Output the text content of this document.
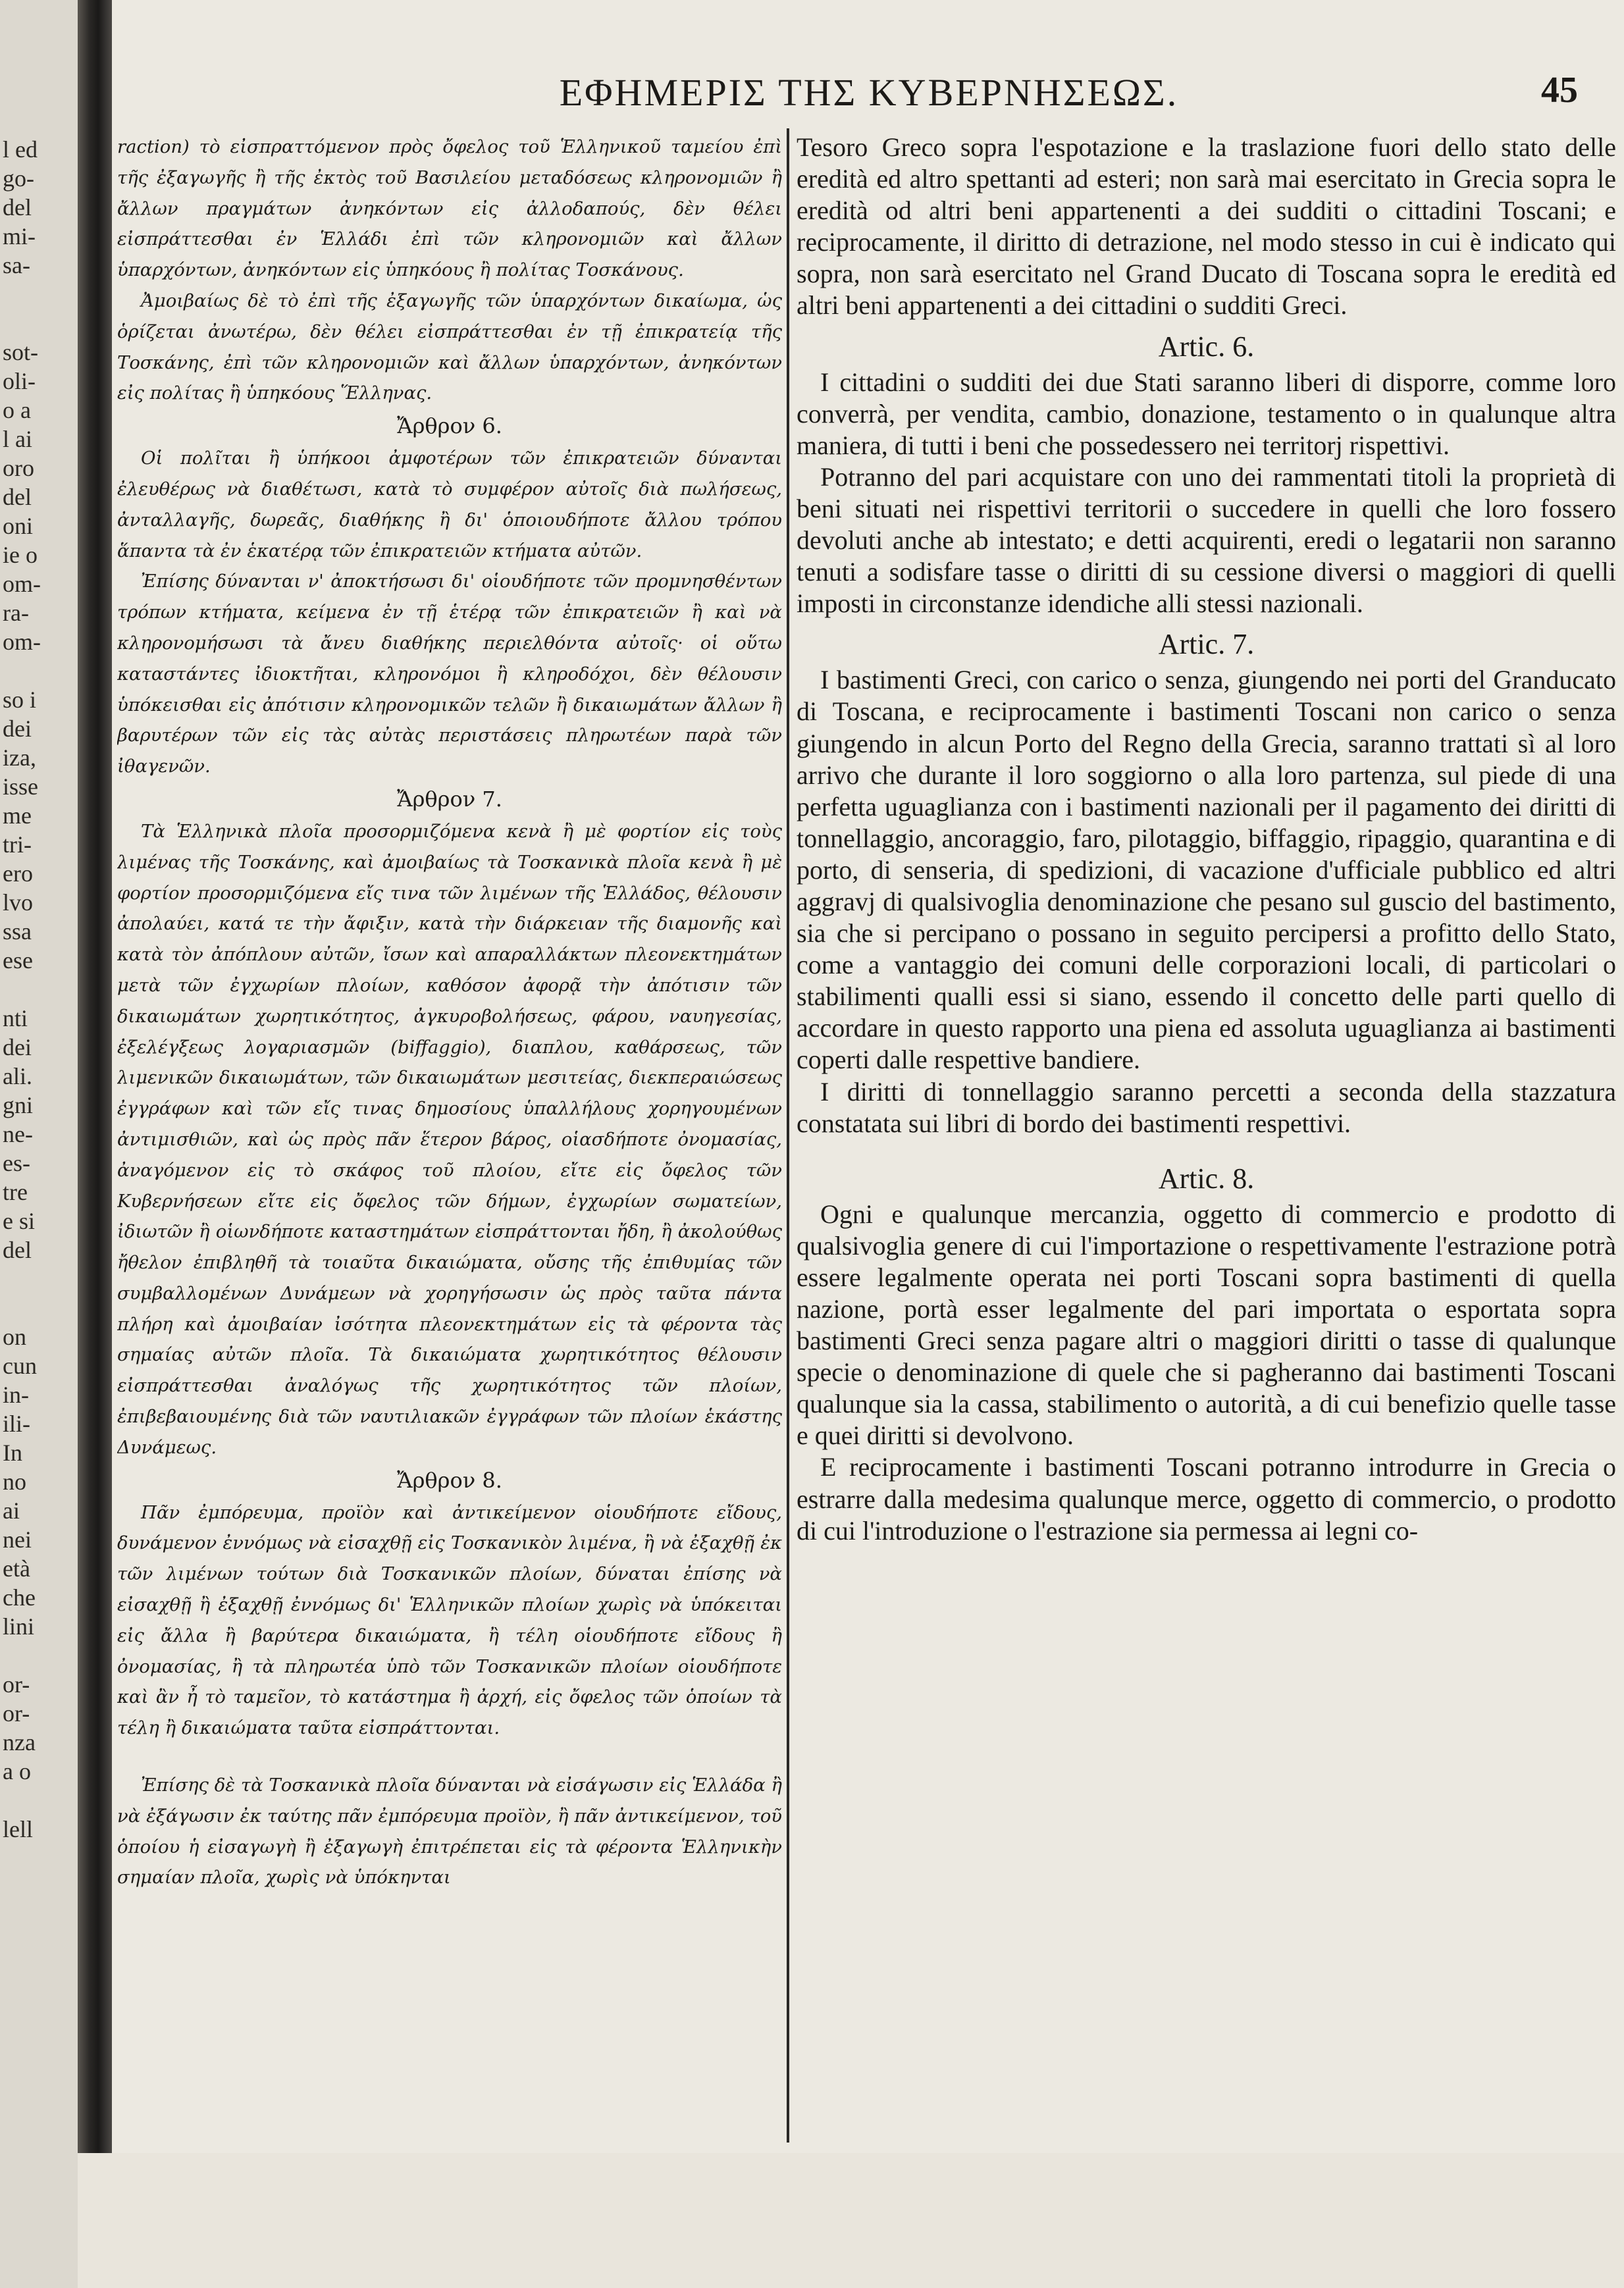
l ed
go-
del
mi-
sa-

sot-
oli-
o a
l ai
oro
del
oni
ie o
om-
ra-
om-

so i
dei
iza,
isse
me
tri-
ero
lvo
ssa
ese

nti
dei
ali.
gni
ne-
es-
tre
e si
del

on
cun
in-
ili-
In
no
ai
nei
età
che
lini

or-
or-
nza
a o

lell
ΕΦΗΜΕΡΙΣ ΤΗΣ ΚΥΒΕΡΝΗΣΕΩΣ.	45

raction) τὸ εἰσπραττόμενον πρὸς ὄφελος τοῦ Ἑλληνικοῦ ταμείου ἐπὶ τῆς ἐξαγωγῆς ἢ τῆς ἐκτὸς τοῦ Βασιλείου μεταδόσεως κληρονομιῶν ἢ ἄλλων πραγμάτων ἀνηκόντων εἰς ἀλλοδαπούς, δὲν θέλει εἰσπράττεσθαι ἐν Ἑλλάδι ἐπὶ τῶν κληρονομιῶν καὶ ἄλλων ὑπαρχόντων, ἀνηκόντων εἰς ὑπηκόους ἢ πολίτας Τοσκάνους.

Ἀμοιβαίως δὲ τὸ ἐπὶ τῆς ἐξαγωγῆς τῶν ὑπαρχόντων δικαίωμα, ὡς ὁρίζεται ἀνωτέρω, δὲν θέλει εἰσπράττεσθαι ἐν τῇ ἐπικρατείᾳ τῆς Τοσκάνης, ἐπὶ τῶν κληρονομιῶν καὶ ἄλλων ὑπαρχόντων, ἀνηκόντων εἰς πολίτας ἢ ὑπηκόους Ἕλληνας.

Ἄρθρον 6.

Οἱ πολῖται ἢ ὑπήκοοι ἀμφοτέρων τῶν ἐπικρατειῶν δύνανται ἐλευθέρως νὰ διαθέτωσι, κατὰ τὸ συμφέρον αὐτοῖς διὰ πωλήσεως, ἀνταλλαγῆς, δωρεᾶς, διαθήκης ἢ δι' ὁποιουδήποτε ἄλλου τρόπου ἅπαντα τὰ ἐν ἑκατέρᾳ τῶν ἐπικρατειῶν κτήματα αὐτῶν.

Ἐπίσης δύνανται ν' ἀποκτήσωσι δι' οἱουδήποτε τῶν προμνησθέντων τρόπων κτήματα, κείμενα ἐν τῇ ἑτέρᾳ τῶν ἐπικρατειῶν ἢ καὶ νὰ κληρονομήσωσι τὰ ἄνευ διαθήκης περιελθόντα αὐτοῖς· οἱ οὕτω καταστάντες ἰδιοκτῆται, κληρονόμοι ἢ κληροδόχοι, δὲν θέλουσιν ὑπόκεισθαι εἰς ἀπότισιν κληρονομικῶν τελῶν ἢ δικαιωμάτων ἄλλων ἢ βαρυτέρων τῶν εἰς τὰς αὐτὰς περιστάσεις πληρωτέων παρὰ τῶν ἰθαγενῶν.

Ἄρθρον 7.

Τὰ Ἑλληνικὰ πλοῖα προσορμιζόμενα κενὰ ἢ μὲ φορτίον εἰς τοὺς λιμένας τῆς Τοσκάνης, καὶ ἀμοιβαίως τὰ Τοσκανικὰ πλοῖα κενὰ ἢ μὲ φορτίον προσορμιζόμενα εἴς τινα τῶν λιμένων τῆς Ἑλλάδος, θέλουσιν ἀπολαύει, κατά τε τὴν ἄφιξιν, κατὰ τὴν διάρκειαν τῆς διαμονῆς καὶ κατὰ τὸν ἀπόπλουν αὐτῶν, ἴσων καὶ απαραλλάκτων πλεονεκτημάτων μετὰ τῶν ἐγχωρίων πλοίων, καθόσον ἀφορᾷ τὴν ἀπότισιν τῶν δικαιωμάτων χωρητικότητος, ἀγκυροβολήσεως, φάρου, ναυηγεσίας, ἐξελέγξεως λογαριασμῶν (biffaggio), διαπλου, καθάρσεως, τῶν λιμενικῶν δικαιωμάτων, τῶν δικαιωμάτων μεσιτείας, διεκπεραιώσεως ἐγγράφων καὶ τῶν εἴς τινας δημοσίους ὑπαλλήλους χορηγουμένων ἀντιμισθιῶν, καὶ ὡς πρὸς πᾶν ἕτερον βάρος, οἱασδήποτε ὀνομασίας, ἀναγόμενον εἰς τὸ σκάφος τοῦ πλοίου, εἴτε εἰς ὄφελος τῶν Κυβερνήσεων εἴτε εἰς ὄφελος τῶν δήμων, ἐγχωρίων σωματείων, ἰδιωτῶν ἢ οἱωνδήποτε καταστημάτων εἰσπράττονται ἤδη, ἢ ἀκολούθως ἤθελον ἐπιβληθῆ τὰ τοιαῦτα δικαιώματα, οὔσης τῆς ἐπιθυμίας τῶν συμβαλλομένων Δυνάμεων νὰ χορηγήσωσιν ὡς πρὸς ταῦτα πάντα πλήρη καὶ ἀμοιβαίαν ἰσότητα πλεονεκτημάτων εἰς τὰ φέροντα τὰς σημαίας αὐτῶν πλοῖα. Τὰ δικαιώματα χωρητικότητος θέλουσιν εἰσπράττεσθαι ἀναλόγως τῆς χωρητικότητος τῶν πλοίων, ἐπιβεβαιουμένης διὰ τῶν ναυτιλιακῶν ἐγγράφων τῶν πλοίων ἑκάστης Δυνάμεως.

Ἄρθρον 8.

Πᾶν ἐμπόρευμα, προϊὸν καὶ ἀντικείμενον οἱουδήποτε εἴδους, δυνάμενον ἐννόμως νὰ εἰσαχθῇ εἰς Τοσκανικὸν λιμένα, ἢ νὰ ἐξαχθῇ ἐκ τῶν λιμένων τούτων διὰ Τοσκανικῶν πλοίων, δύναται ἐπίσης νὰ εἰσαχθῇ ἢ ἐξαχθῇ ἐννόμως δι' Ἑλληνικῶν πλοίων χωρὶς νὰ ὑπόκειται εἰς ἄλλα ἢ βαρύτερα δικαιώματα, ἢ τέλη οἱουδήποτε εἴδους ἢ ὀνομασίας, ἢ τὰ πληρωτέα ὑπὸ τῶν Τοσκανικῶν πλοίων οἱουδήποτε καὶ ἂν ἦ τὸ ταμεῖον, τὸ κατάστημα ἢ ἀρχή, εἰς ὄφελος τῶν ὁποίων τὰ τέλη ἢ δικαιώματα ταῦτα εἰσπράττονται.

Ἐπίσης δὲ τὰ Τοσκανικὰ πλοῖα δύνανται νὰ εἰσάγωσιν εἰς Ἑλλάδα ἢ νὰ ἐξάγωσιν ἐκ ταύτης πᾶν ἐμπόρευμα προϊὸν, ἢ πᾶν ἀντικείμενον, τοῦ ὁποίου ἡ εἰσαγωγὴ ἢ ἐξαγωγὴ ἐπιτρέπεται εἰς τὰ φέροντα Ἑλληνικὴν σημαίαν πλοῖα, χωρὶς νὰ ὑπόκηνται

Tesoro Greco sopra l'espotazione e la traslazione fuori dello stato delle eredità ed altro spettanti ad esteri; non sarà mai esercitato in Grecia sopra le eredità od altri beni appartenenti a dei sudditi o cittadini Toscani; e reciprocamente, il diritto di detrazione, nel modo stesso in cui è indicato qui sopra, non sarà esercitato nel Grand Ducato di Toscana sopra le eredità ed altri beni appartenenti a dei cittadini o sudditi Greci.

Artic. 6.

I cittadini o sudditi dei due Stati saranno liberi di disporre, comme loro converrà, per vendita, cambio, donazione, testamento o in qualunque altra maniera, di tutti i beni che possedessero nei territorj rispettivi.

Potranno del pari acquistare con uno dei rammentati titoli la proprietà di beni situati nei rispettivi territorii o succedere in quelli che loro fossero devoluti anche ab intestato; e detti acquirenti, eredi o legatarii non saranno tenuti a sodisfare tasse o diritti di su cessione diversi o maggiori di quelli imposti in circonstanze idendiche alli stessi nazionali.

Artic. 7.

I bastimenti Greci, con carico o senza, giungendo nei porti del Granducato di Toscana, e reciprocamente i bastimenti Toscani non carico o senza giungendo in alcun Porto del Regno della Grecia, saranno trattati sì al loro arrivo che durante il loro soggiorno o alla loro partenza, sul piede di una perfetta uguaglianza con i bastimenti nazionali per il pagamento dei diritti di tonnellaggio, ancoraggio, faro, pilotaggio, biffaggio, ripaggio, quarantina e di porto, di senseria, di spedizioni, di vacazione d'ufficiale pubblico ed altri aggravj di qualsivoglia denominazione che pesano sul guscio del bastimento, sia che si percipano o possano in seguito percipersi a profitto dello Stato, come a vantaggio dei comuni delle corporazioni locali, di particolari o stabilimenti qualli essi si siano, essendo il concetto delle parti quello di accordare in questo rapporto una piena ed assoluta uguaglianza ai bastimenti coperti dalle respettive bandiere.

I diritti di tonnellaggio saranno percetti a seconda della stazzatura constatata sui libri di bordo dei bastimenti respettivi.

Artic. 8.

Ogni e qualunque mercanzia, oggetto di commercio e prodotto di qualsivoglia genere di cui l'importazione o respettivamente l'estrazione potrà essere legalmente operata nei porti Toscani sopra bastimenti di quella nazione, portà esser legalmente del pari importata o esportata sopra bastimenti Greci senza pagare altri o maggiori diritti o tasse di qualunque specie o denominazione di quele che si pagheranno dai bastimenti Toscani qualunque sia la cassa, stabilimento o autorità, a di cui benefizio quelle tasse e quei diritti si devolvono.

E reciprocamente i bastimenti Toscani potranno introdurre in Grecia o estrarre dalla medesima qualunque merce, oggetto di commercio, o prodotto di cui l'introduzione o l'estrazione sia permessa ai legni co-
